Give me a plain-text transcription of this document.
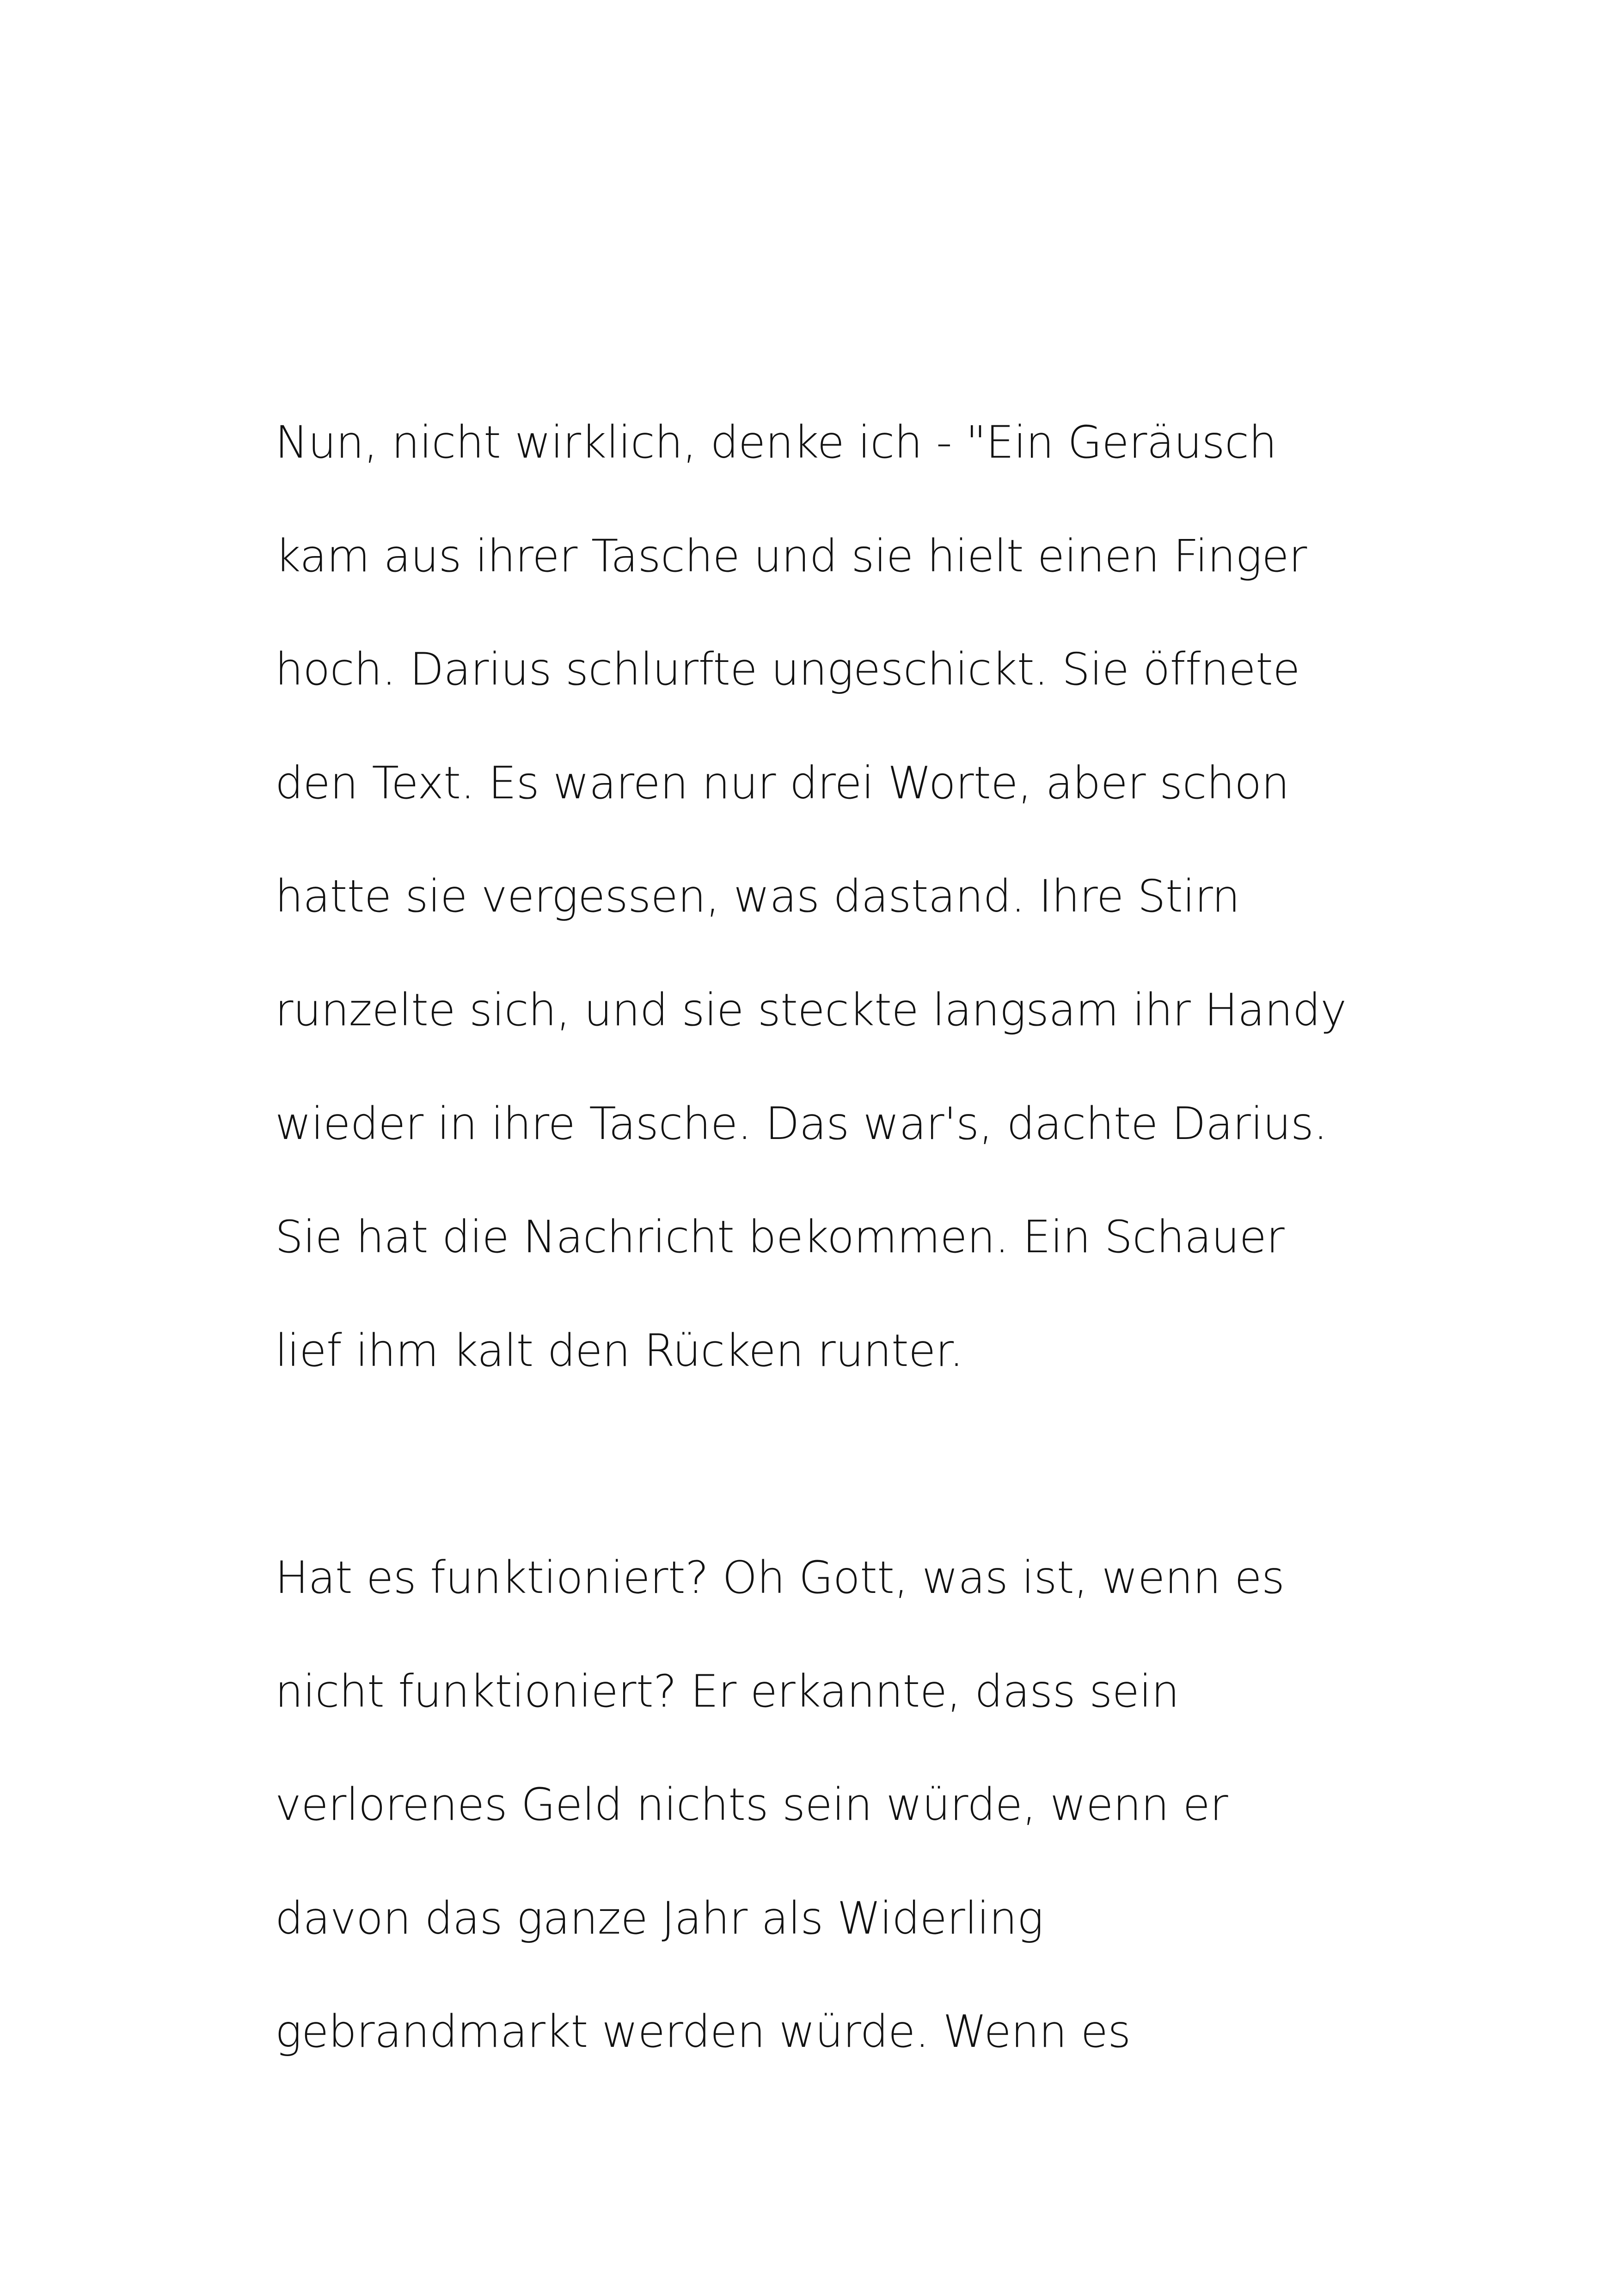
Nun, nicht wirklich, denke ich - "Ein Geräusch
kam aus ihrer Tasche und sie hielt einen Finger
hoch. Darius schlurfte ungeschickt. Sie öffnete
den Text. Es waren nur drei Worte, aber schon
hatte sie vergessen, was dastand. Ihre Stirn
runzelte sich, und sie steckte langsam ihr Handy
wieder in ihre Tasche. Das war's, dachte Darius.
Sie hat die Nachricht bekommen. Ein Schauer
lief ihm kalt den Rücken runter.
Hat es funktioniert? Oh Gott, was ist, wenn es
nicht funktioniert? Er erkannte, dass sein
verlorenes Geld nichts sein würde, wenn er
davon das ganze Jahr als Widerling
gebrandmarkt werden würde. Wenn es
